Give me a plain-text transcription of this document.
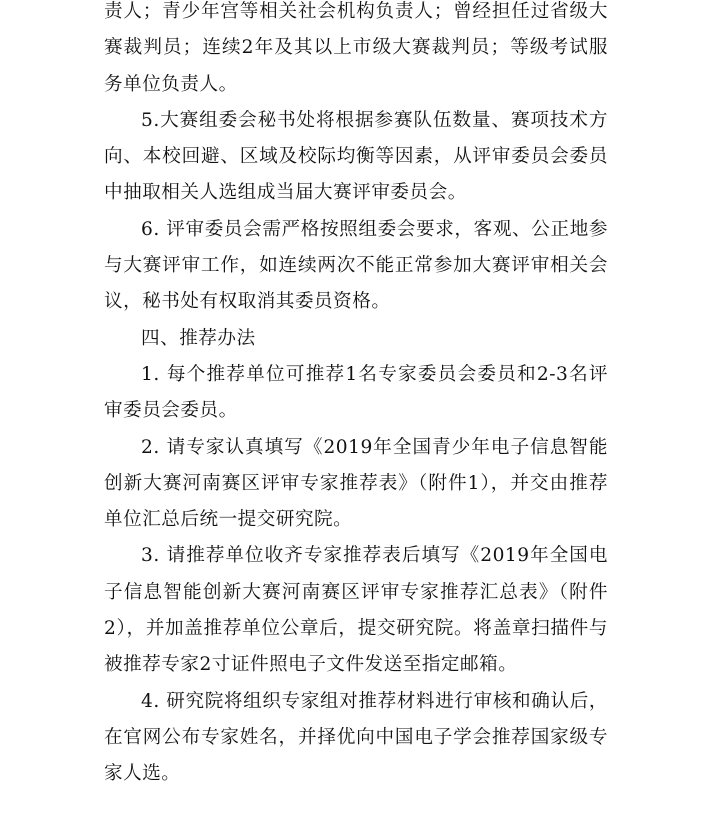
责人；青少年宫等相关社会机构负责人；曾经担任过省级大
赛裁判员；连续2年及其以上市级大赛裁判员；等级考试服
务单位负责人。
5.大赛组委会秘书处将根据参赛队伍数量、赛项技术方
向、本校回避、区域及校际均衡等因素，从评审委员会委员
中抽取相关人选组成当届大赛评审委员会。
6. 评审委员会需严格按照组委会要求，客观、公正地参
与大赛评审工作，如连续两次不能正常参加大赛评审相关会
议，秘书处有权取消其委员资格。
四、推荐办法
1. 每个推荐单位可推荐1名专家委员会委员和2-3名评
审委员会委员。
2. 请专家认真填写《2019年全国青少年电子信息智能
创新大赛河南赛区评审专家推荐表》（附件1），并交由推荐
单位汇总后统一提交研究院。
3. 请推荐单位收齐专家推荐表后填写《2019年全国电
子信息智能创新大赛河南赛区评审专家推荐汇总表》（附件
2），并加盖推荐单位公章后，提交研究院。将盖章扫描件与
被推荐专家2寸证件照电子文件发送至指定邮箱。
4. 研究院将组织专家组对推荐材料进行审核和确认后，
在官网公布专家姓名，并择优向中国电子学会推荐国家级专
家人选。
